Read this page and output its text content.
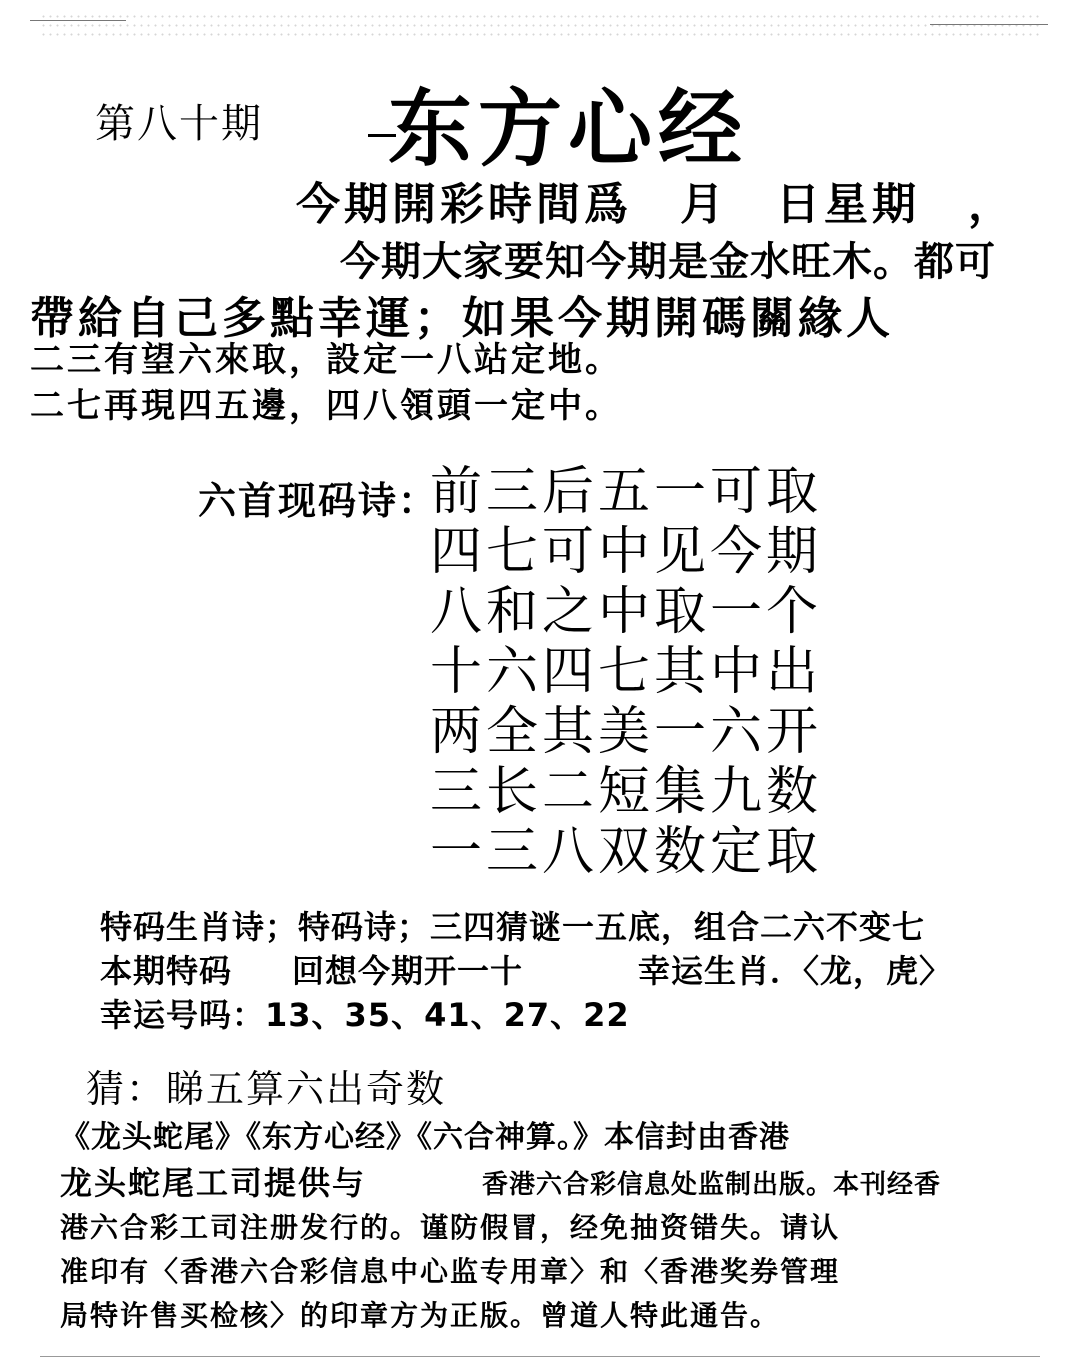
第八十期 东方心经
今期開彩時間爲　月　日星期　，
今期大家要知今期是金水旺木。都可
帶給自己多點幸運；如果今期開碼關緣人
二三有望六來取，設定一八站定地。
二七再現四五邊，四八領頭一定中。
六首现码诗：
前三后五一可取
四七可中见今期
八和之中取一个
十六四七其中出
两全其美一六开
三长二短集九数
一三八双数定取
特码生肖诗；特码诗；三四猜谜一五底，组合二六不变七
本期特码 回想今期开一十	幸运生肖．〈龙，虎〉
幸运号吗：13、35、41、27、22
猜：睇五算六出奇数
《龙头蛇尾》《东方心经》《六合神算。》本信封由香港
龙头蛇尾工司提供与	香港六合彩信息处监制出版。本刊经香
港六合彩工司注册发行的。谨防假冒，经免抽资错失。请认
准印有〈香港六合彩信息中心监专用章〉和〈香港奖券管理
局特许售买检核〉的印章方为正版。曾道人特此通告。
